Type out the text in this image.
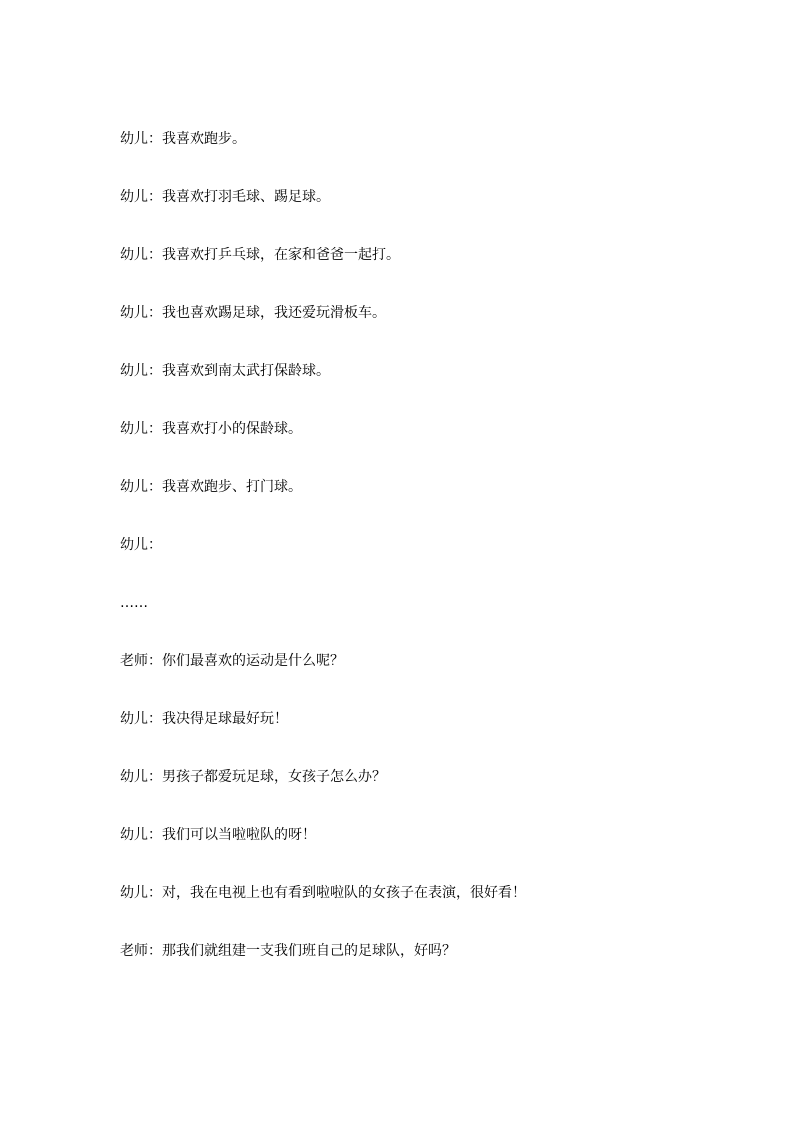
幼儿：我喜欢跑步。
幼儿：我喜欢打羽毛球、踢足球。
幼儿：我喜欢打乒乓球，在家和爸爸一起打。
幼儿：我也喜欢踢足球，我还爱玩滑板车。
幼儿：我喜欢到南太武打保龄球。
幼儿：我喜欢打小的保龄球。
幼儿：我喜欢跑步、打门球。
幼儿：
……
老师：你们最喜欢的运动是什么呢？
幼儿：我决得足球最好玩！
幼儿：男孩子都爱玩足球，女孩子怎么办？
幼儿：我们可以当啦啦队的呀！
幼儿：对，我在电视上也有看到啦啦队的女孩子在表演，很好看！
老师：那我们就组建一支我们班自己的足球队，好吗？
